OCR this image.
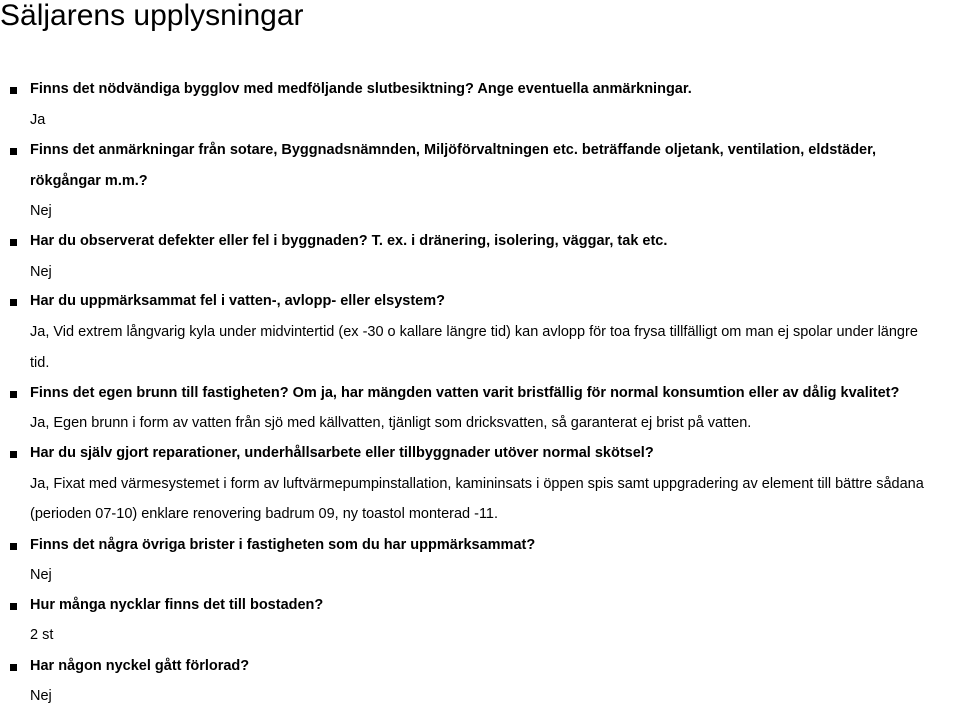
Säljarens upplysningar
Finns det nödvändiga bygglov med medföljande slutbesiktning? Ange eventuella anmärkningar.
Ja
Finns det anmärkningar från sotare, Byggnadsnämnden, Miljöförvaltningen etc. beträffande oljetank, ventilation, eldstäder,
rökgångar m.m.?
Nej
Har du observerat defekter eller fel i byggnaden? T. ex. i dränering, isolering, väggar, tak etc.
Nej
Har du uppmärksammat fel i vatten-, avlopp- eller elsystem?
Ja, Vid extrem långvarig kyla under midvintertid (ex -30 o kallare längre tid) kan avlopp för toa frysa tillfälligt om man ej spolar under längre
tid.
Finns det egen brunn till fastigheten? Om ja, har mängden vatten varit bristfällig för normal konsumtion eller av dålig kvalitet?
Ja, Egen brunn i form av vatten från sjö med källvatten, tjänligt som dricksvatten, så garanterat ej brist på vatten.
Har du själv gjort reparationer, underhållsarbete eller tillbyggnader utöver normal skötsel?
Ja, Fixat med värmesystemet i form av luftvärmepumpinstallation, kamininsats i öppen spis samt uppgradering av element till bättre sådana
(perioden 07-10) enklare renovering badrum 09, ny toastol monterad -11.
Finns det några övriga brister i fastigheten som du har uppmärksammat?
Nej
Hur många nycklar finns det till bostaden?
2 st
Har någon nyckel gått förlorad?
Nej
